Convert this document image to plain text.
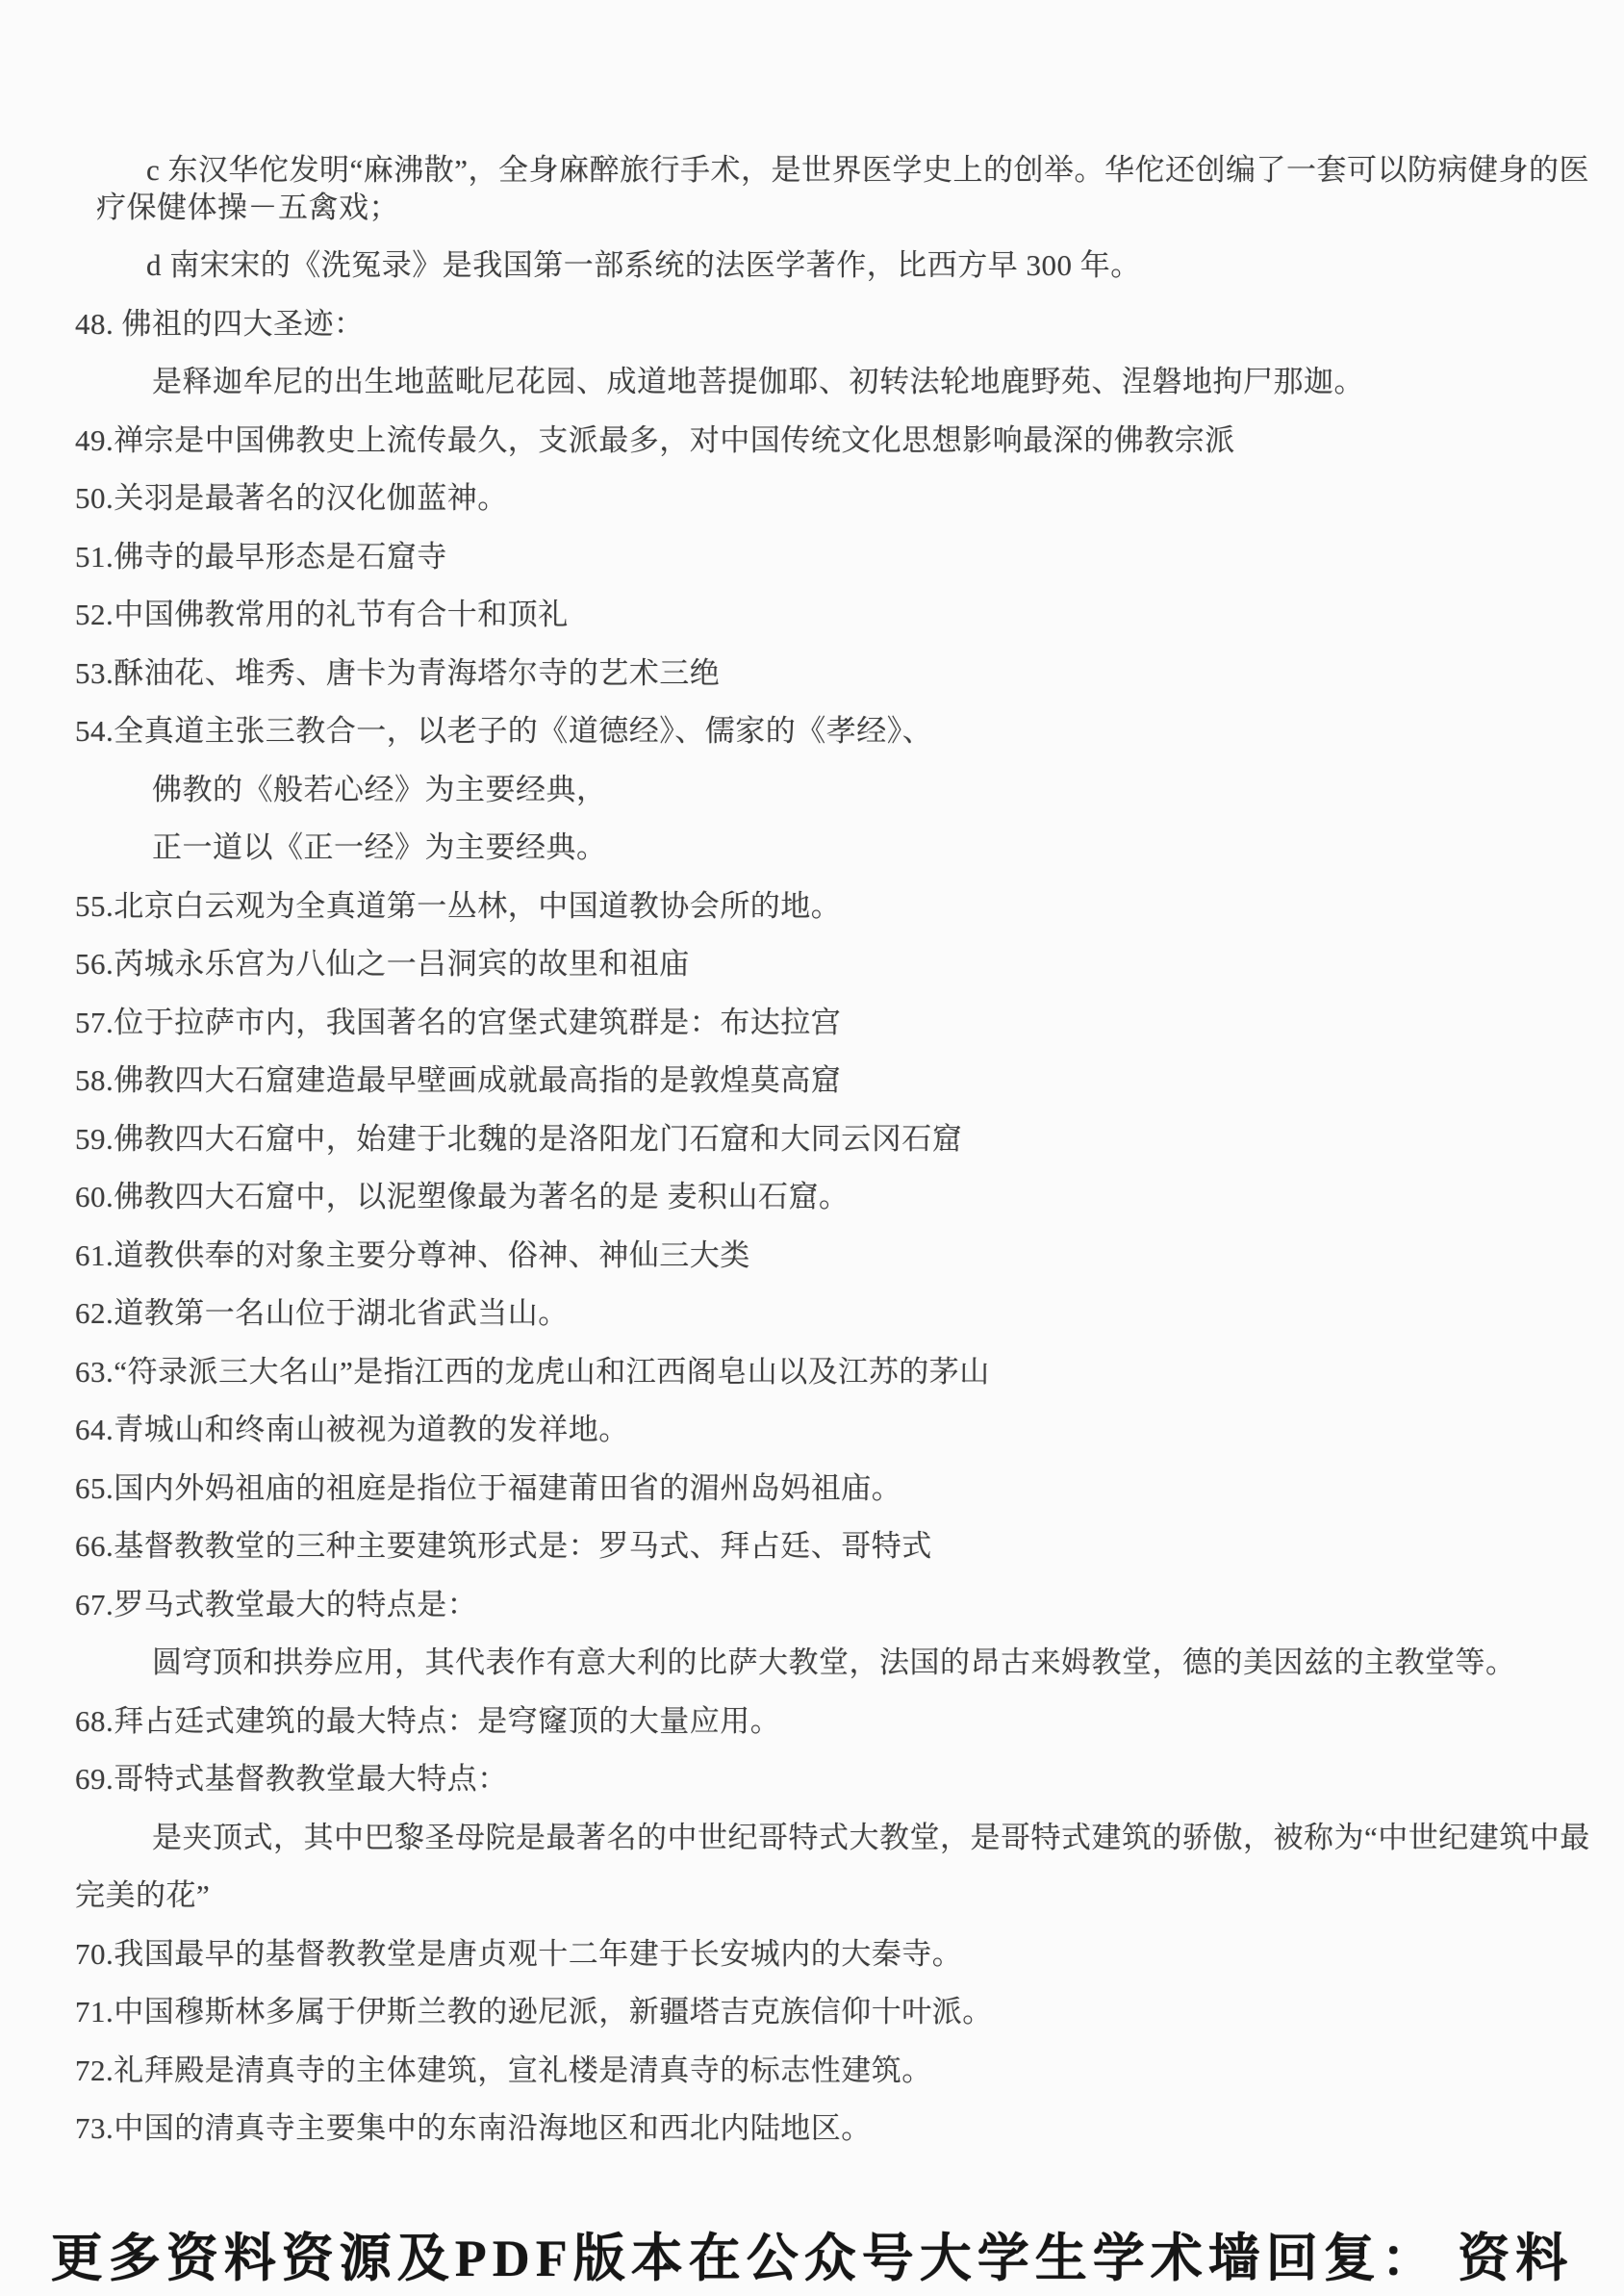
c 东汉华佗发明“麻沸散”，全身麻醉旅行手术，是世界医学史上的创举。华佗还创编了一套可以防病健身的医
疗保健体操－五禽戏；
d 南宋宋的《洗冤录》是我国第一部系统的法医学著作，比西方早 300 年。
48. 佛祖的四大圣迹：
是释迦牟尼的出生地蓝毗尼花园、成道地菩提伽耶、初转法轮地鹿野苑、涅磐地拘尸那迦。
49.禅宗是中国佛教史上流传最久，支派最多，对中国传统文化思想影响最深的佛教宗派
50.关羽是最著名的汉化伽蓝神。
51.佛寺的最早形态是石窟寺
52.中国佛教常用的礼节有合十和顶礼
53.酥油花、堆秀、唐卡为青海塔尔寺的艺术三绝
54.全真道主张三教合一，以老子的《道德经》、儒家的《孝经》、
佛教的《般若心经》为主要经典，
正一道以《正一经》为主要经典。
55.北京白云观为全真道第一丛林，中国道教协会所的地。
56.芮城永乐宫为八仙之一吕洞宾的故里和祖庙
57.位于拉萨市内，我国著名的宫堡式建筑群是：布达拉宫
58.佛教四大石窟建造最早壁画成就最高指的是敦煌莫高窟
59.佛教四大石窟中，始建于北魏的是洛阳龙门石窟和大同云冈石窟
60.佛教四大石窟中，以泥塑像最为著名的是 麦积山石窟。
61.道教供奉的对象主要分尊神、俗神、神仙三大类
62.道教第一名山位于湖北省武当山。
63.“符录派三大名山”是指江西的龙虎山和江西阁皂山以及江苏的茅山
64.青城山和终南山被视为道教的发祥地。
65.国内外妈祖庙的祖庭是指位于福建莆田省的湄州岛妈祖庙。
66.基督教教堂的三种主要建筑形式是：罗马式、拜占廷、哥特式
67.罗马式教堂最大的特点是：
圆穹顶和拱券应用，其代表作有意大利的比萨大教堂，法国的昂古来姆教堂，德的美因兹的主教堂等。
68.拜占廷式建筑的最大特点：是穹窿顶的大量应用。
69.哥特式基督教教堂最大特点：
是夹顶式，其中巴黎圣母院是最著名的中世纪哥特式大教堂，是哥特式建筑的骄傲，被称为“中世纪建筑中最
完美的花”
70.我国最早的基督教教堂是唐贞观十二年建于长安城内的大秦寺。
71.中国穆斯林多属于伊斯兰教的逊尼派，新疆塔吉克族信仰十叶派。
72.礼拜殿是清真寺的主体建筑，宣礼楼是清真寺的标志性建筑。
73.中国的清真寺主要集中的东南沿海地区和西北内陆地区。
更多资料资源及PDF版本在公众号大学生学术墙回复： 资料
